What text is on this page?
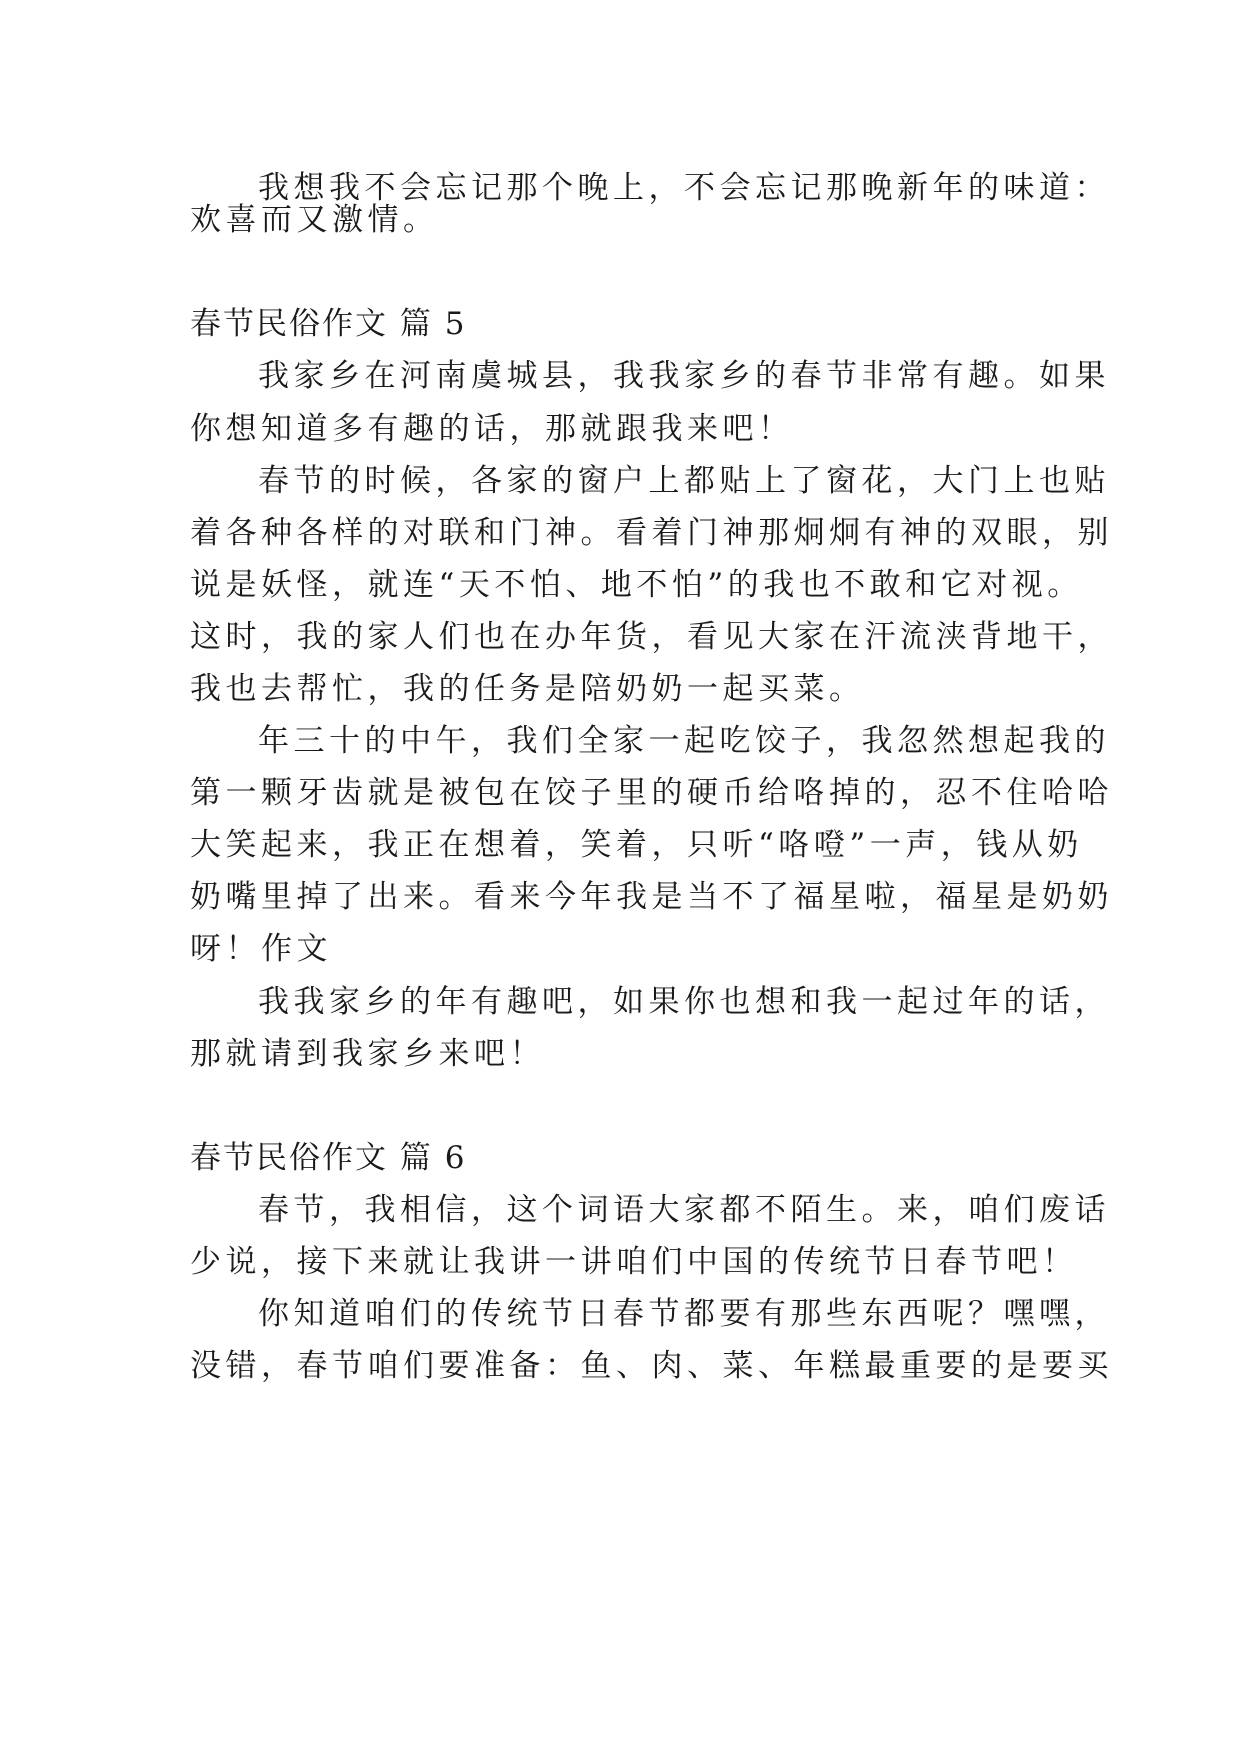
我想我不会忘记那个晚上，不会忘记那晚新年的味道：
欢喜而又激情。
春节民俗作文 篇 5
我家乡在河南虞城县，我我家乡的春节非常有趣。如果
你想知道多有趣的话，那就跟我来吧！
春节的时候，各家的窗户上都贴上了窗花，大门上也贴
着各种各样的对联和门神。看着门神那炯炯有神的双眼，别
说是妖怪，就连“天不怕、地不怕”的我也不敢和它对视。
这时，我的家人们也在办年货，看见大家在汗流浃背地干，
我也去帮忙，我的任务是陪奶奶一起买菜。
年三十的中午，我们全家一起吃饺子，我忽然想起我的
第一颗牙齿就是被包在饺子里的硬币给咯掉的，忍不住哈哈
大笑起来，我正在想着，笑着，只听“咯噔”一声，钱从奶
奶嘴里掉了出来。看来今年我是当不了福星啦，福星是奶奶
呀！作文
我我家乡的年有趣吧，如果你也想和我一起过年的话，
那就请到我家乡来吧！
春节民俗作文 篇 6
春节，我相信，这个词语大家都不陌生。来，咱们废话
少说，接下来就让我讲一讲咱们中国的传统节日春节吧！
你知道咱们的传统节日春节都要有那些东西呢？嘿嘿，
没错，春节咱们要准备：鱼、肉、菜、年糕最重要的是要买
